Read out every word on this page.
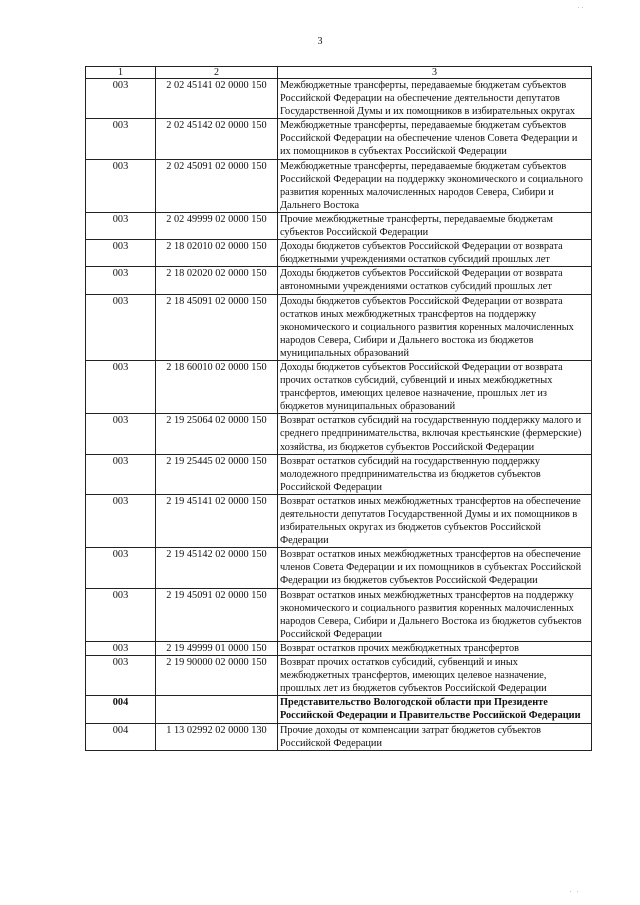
3
..
. .
1	2	3
003	2 02 45141 02 0000 150	Межбюджетные трансферты, передаваемые бюджетам субъектов Российской Федерации на обеспечение деятельности депутатов Государственной Думы и их помощников в избирательных округах
003	2 02 45142 02 0000 150	Межбюджетные трансферты, передаваемые бюджетам субъектов Российской Федерации на обеспечение членов Совета Федерации и их помощников в субъектах Российской Федерации
003	2 02 45091 02 0000 150	Межбюджетные трансферты, передаваемые бюджетам субъектов Российской Федерации на поддержку экономического и социального развития коренных малочисленных народов Севера, Сибири и Дальнего Востока
003	2 02 49999 02 0000 150	Прочие межбюджетные трансферты, передаваемые бюджетам субъектов Российской Федерации
003	2 18 02010 02 0000 150	Доходы бюджетов субъектов Российской Федерации от возврата бюджетными учреждениями остатков субсидий прошлых лет
003	2 18 02020 02 0000 150	Доходы бюджетов субъектов Российской Федерации от возврата автономными учреждениями остатков субсидий прошлых лет
003	2 18 45091 02 0000 150	Доходы бюджетов субъектов Российской Федерации от возврата остатков иных межбюджетных трансфертов на поддержку экономического и социального развития коренных малочисленных народов Севера, Сибири и Дальнего востока из бюджетов муниципальных образований
003	2 18 60010 02 0000 150	Доходы бюджетов субъектов Российской Федерации от возврата прочих остатков субсидий, субвенций и иных межбюджетных трансфертов, имеющих целевое назначение, прошлых лет из бюджетов муниципальных образований
003	2 19 25064 02 0000 150	Возврат остатков субсидий на государственную поддержку малого и среднего предпринимательства, включая крестьянские (фермерские) хозяйства, из бюджетов субъектов Российской Федерации
003	2 19 25445 02 0000 150	Возврат остатков субсидий на государственную поддержку молодежного предпринимательства из бюджетов субъектов Российской Федерации
003	2 19 45141 02 0000 150	Возврат остатков иных межбюджетных трансфертов на обеспечение деятельности депутатов Государственной Думы и их помощников в избирательных округах из бюджетов субъектов Российской Федерации
003	2 19 45142 02 0000 150	Возврат остатков иных межбюджетных трансфертов на обеспечение членов Совета Федерации и их помощников в субъектах Российской Федерации из бюджетов субъектов Российской Федерации
003	2 19 45091 02 0000 150	Возврат остатков иных межбюджетных трансфертов на поддержку экономического и социального развития коренных малочисленных народов Севера, Сибири и Дальнего Востока из бюджетов субъектов Российской Федерации
003	2 19 49999 01 0000 150	Возврат остатков прочих межбюджетных трансфертов
003	2 19 90000 02 0000 150	Возврат прочих остатков субсидий, субвенций и иных межбюджетных трансфертов, имеющих целевое назначение, прошлых лет из бюджетов субъектов Российской Федерации
004		Представительство Вологодской области при Президенте Российской Федерации и Правительстве Российской Федерации
004	1 13 02992 02 0000 130	Прочие доходы от компенсации затрат бюджетов субъектов Российской Федерации
